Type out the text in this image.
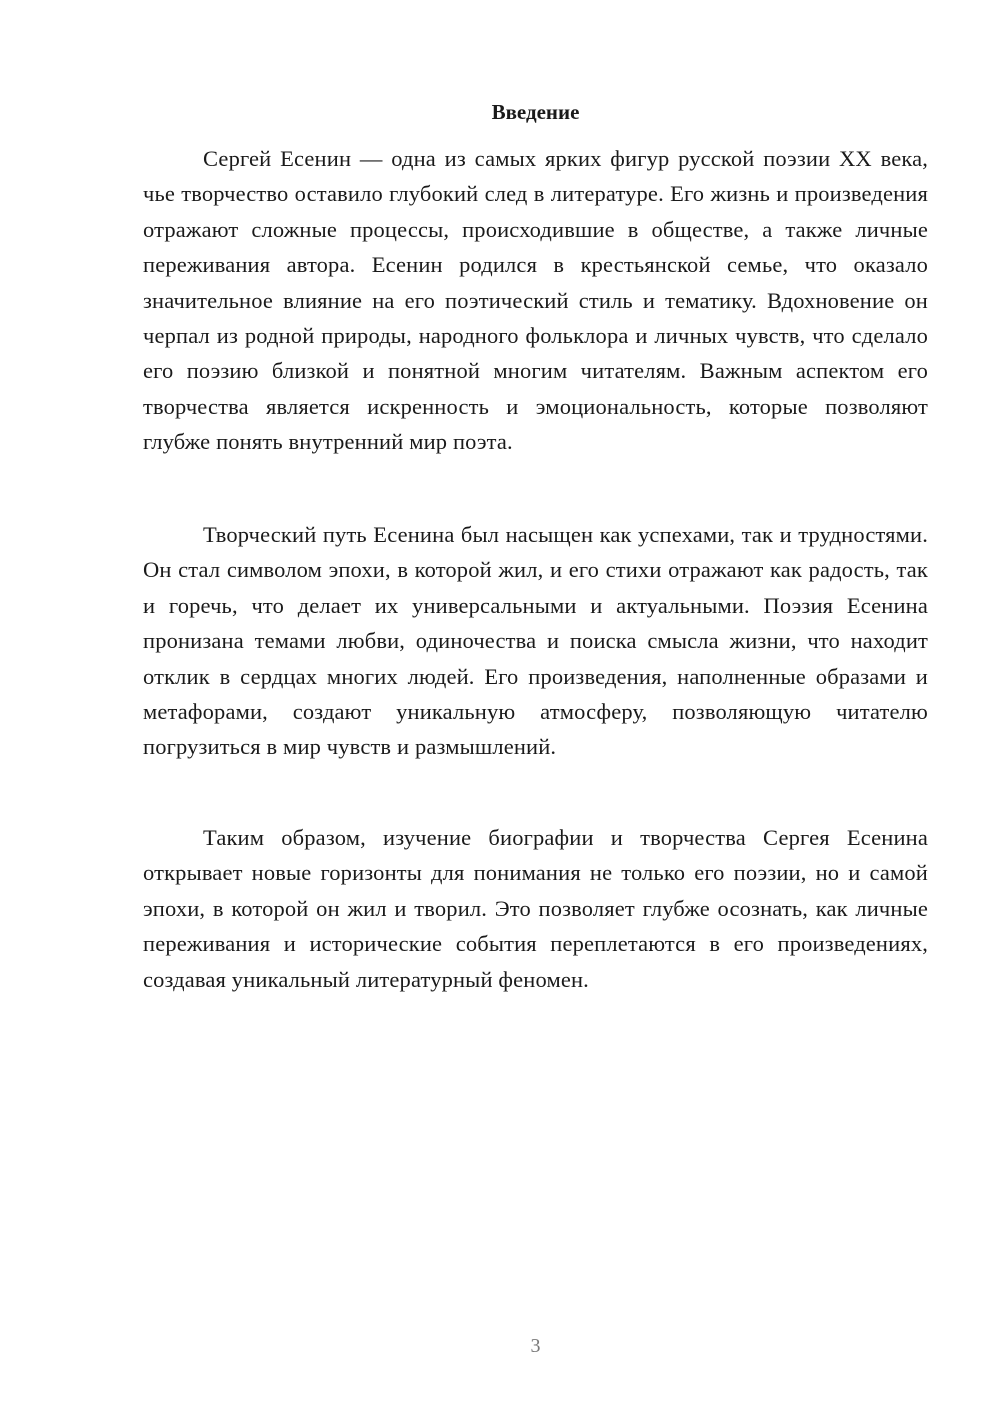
Введение

Сергей Есенин — одна из самых ярких фигур русской поэзии XX века, чье творчество оставило глубокий след в литературе. Его жизнь и произведения отражают сложные процессы, происходившие в обществе, а также личные переживания автора. Есенин родился в крестьянской семье, что оказало значительное влияние на его поэтический стиль и тематику. Вдохновение он черпал из родной природы, народного фольклора и личных чувств, что сделало его поэзию близкой и понятной многим читателям. Важным аспектом его творчества является искренность и эмоциональность, которые позволяют глубже понять внутренний мир поэта.

Творческий путь Есенина был насыщен как успехами, так и трудностями. Он стал символом эпохи, в которой жил, и его стихи отражают как радость, так и горечь, что делает их универсальными и актуальными. Поэзия Есенина пронизана темами любви, одиночества и поиска смысла жизни, что находит отклик в сердцах многих людей. Его произведения, наполненные образами и метафорами, создают уникальную атмосферу, позволяющую читателю погрузиться в мир чувств и размышлений.

Таким образом, изучение биографии и творчества Сергея Есенина открывает новые горизонты для понимания не только его поэзии, но и самой эпохи, в которой он жил и творил. Это позволяет глубже осознать, как личные переживания и исторические события переплетаются в его произведениях, создавая уникальный литературный феномен.

3
